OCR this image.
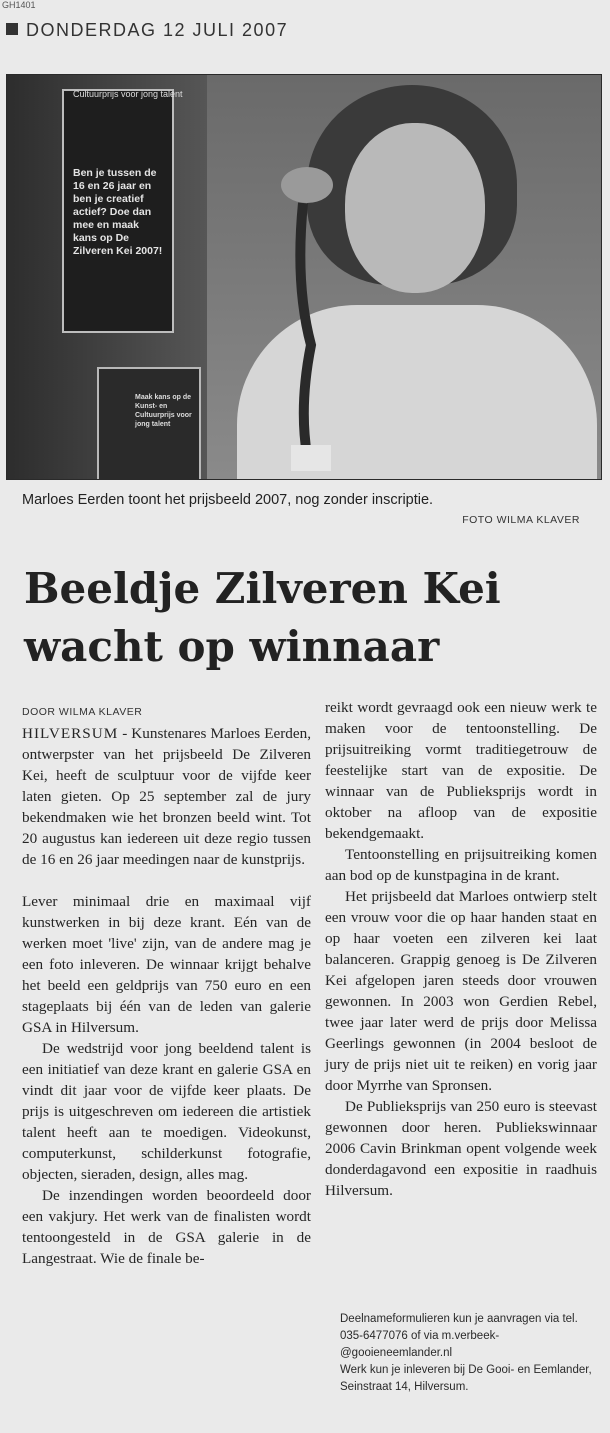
GH1401
DONDERDAG 12 JULI 2007
Cultuurprijs voor jong talent
Ben je tussen de 16 en 26 jaar en ben je creatief actief? Doe dan mee en maak kans op De Zilveren Kei 2007!
Maak kans op de Kunst- en Cultuurprijs voor jong talent
Marloes Eerden toont het prijsbeeld 2007, nog zonder inscriptie.
FOTO WILMA KLAVER
Beeldje Zilveren Kei
wacht op winnaar
DOOR WILMA KLAVER

HILVERSUM - Kunstenares Marloes Eerden, ontwerpster van het prijsbeeld De Zilveren Kei, heeft de sculptuur voor de vijfde keer laten gieten. Op 25 september zal de jury bekendmaken wie het bronzen beeld wint. Tot 20 augustus kan iedereen uit deze regio tussen de 16 en 26 jaar meedingen naar de kunstprijs.

Lever minimaal drie en maximaal vijf kunstwerken in bij deze krant. Eén van de werken moet 'live' zijn, van de andere mag je een foto inleveren. De winnaar krijgt behalve het beeld een geldprijs van 750 euro en een stageplaats bij één van de leden van galerie GSA in Hilversum.

De wedstrijd voor jong beeldend talent is een initiatief van deze krant en galerie GSA en vindt dit jaar voor de vijfde keer plaats. De prijs is uitgeschreven om iedereen die artistiek talent heeft aan te moedigen. Videokunst, computerkunst, schilderkunst fotografie, objecten, sieraden, design, alles mag.

De inzendingen worden beoordeeld door een vakjury. Het werk van de finalisten wordt tentoongesteld in de GSA galerie in de Langestraat. Wie de finale be-

reikt wordt gevraagd ook een nieuw werk te maken voor de tentoonstelling. De prijsuitreiking vormt traditiegetrouw de feestelijke start van de expositie. De winnaar van de Publieksprijs wordt in oktober na afloop van de expositie bekendgemaakt.

Tentoonstelling en prijsuitreiking komen aan bod op de kunstpagina in de krant.

Het prijsbeeld dat Marloes ontwierp stelt een vrouw voor die op haar handen staat en op haar voeten een zilveren kei laat balanceren. Grappig genoeg is De Zilveren Kei afgelopen jaren steeds door vrouwen gewonnen. In 2003 won Gerdien Rebel, twee jaar later werd de prijs door Melissa Geerlings gewonnen (in 2004 besloot de jury de prijs niet uit te reiken) en vorig jaar door Myrrhe van Spronsen.

De Publieksprijs van 250 euro is steevast gewonnen door heren. Publiekswinnaar 2006 Cavin Brinkman opent volgende week donderdagavond een expositie in raadhuis Hilversum.

Deelnameformulieren kun je aanvragen via tel. 035-6477076 of via m.verbeek-@gooieneemlander.nl

Werk kun je inleveren bij De Gooi- en Eemlander, Seinstraat 14, Hilversum.
